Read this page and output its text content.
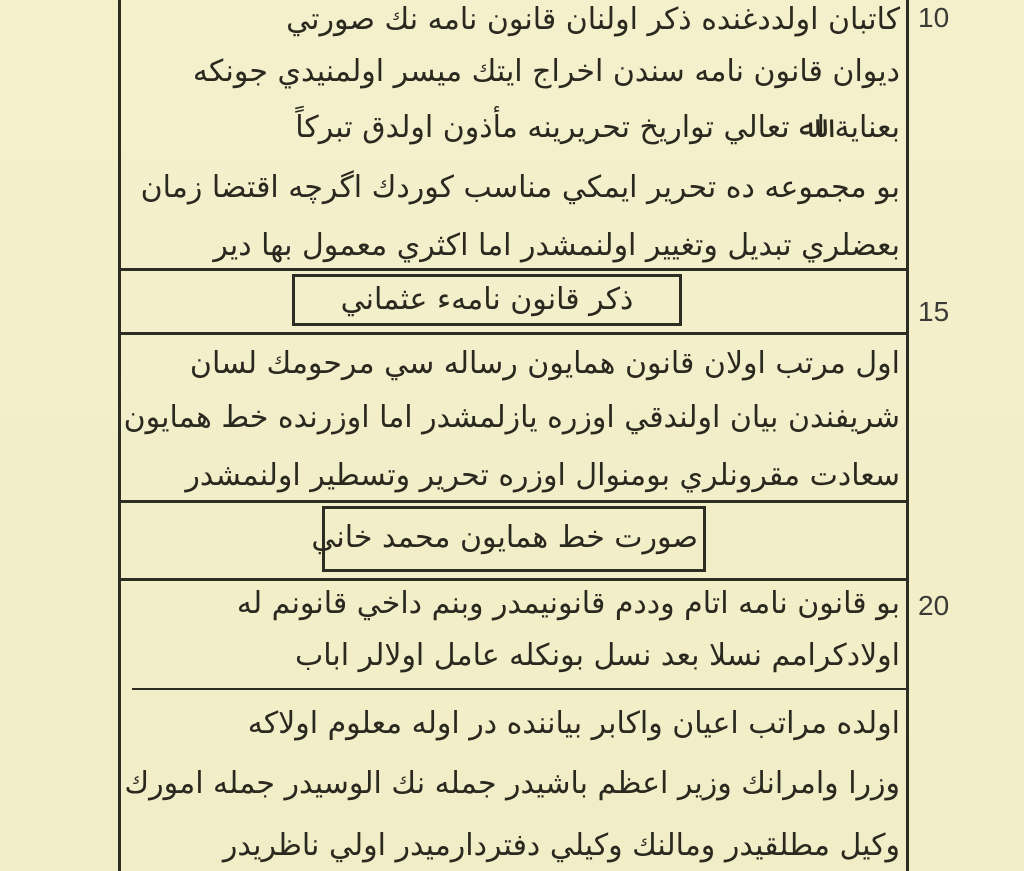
10
15
20
ﻛﺎﺗﺒﺎن اوﻟﺪدﻏﻨﺪه ذﻛﺮ اوﻟﻨﺎن ﻗﺎﻧﻮن ﻧﺎﻣﻪ ﻧﻚ ﺻﻮرﺗﻲ
دﻳﻮان ﻗﺎﻧﻮن ﻧﺎﻣﻪ ﺳﻨﺪن اﺧﺮاج اﻳﺘﻚ ﻣﻴﺴﺮ اوﻟﻤﻨﻴﺪي ﺟﻮﻧﻜﻪ
ﺑﻌﻨﺎﻳﺔ اﷲ ﺗﻌﺎﻟﻲ ﺗﻮارﻳﺦ ﺗﺤﺮﻳﺮﻳﻨﻪ ﻣﺄذون اوﻟﺪق ﺗﺒﺮﻛﺎً
ﺑﻮ ﻣﺠﻤﻮﻋﻪ ده ﺗﺤﺮﻳﺮ اﻳﻤﻜﻲ ﻣﻨﺎﺳﺐ ﻛﻮردك اﮔﺮﭼﻪ اﻗﺘﻀﺎ زﻣﺎن
ﺑﻌﻀﻠﺮي ﺗﺒﺪﻳﻞ وﺗﻐﻴﻴﺮ اوﻟﻨﻤﺸﺪر اﻣﺎ اﻛﺜﺮي ﻣﻌﻤﻮل ﺑﻬﺎ دﻳﺮ
ذﻛﺮ ﻗﺎﻧﻮن ﻧﺎﻣﻪء ﻋﺜﻤﺎﻧﻲ
اول ﻣﺮﺗﺐ اوﻻن ﻗﺎﻧﻮن ﻫﻤﺎﻳﻮن رﺳﺎﻟﻪ ﺳﻲ ﻣﺮﺣﻮﻣﻚ ﻟﺴﺎن
ﺷﺮﻳﻔﻨﺪن ﺑﻴﺎن اوﻟﻨﺪﻗﻲ اوزره ﻳﺎزﻟﻤﺸﺪر اﻣﺎ اوزرﻧﺪه ﺧﻂ ﻫﻤﺎﻳﻮن
ﺳﻌﺎدت ﻣﻘﺮوﻧﻠﺮي ﺑﻮﻣﻨﻮال اوزره ﺗﺤﺮﻳﺮ وﺗﺴﻄﻴﺮ اوﻟﻨﻤﺸﺪر
ﺻﻮرت ﺧﻂ ﻫﻤﺎﻳﻮن ﻣﺤﻤﺪ ﺧﺎﻧﻲ
ﺑﻮ ﻗﺎﻧﻮن ﻧﺎﻣﻪ اﺗﺎم وددم ﻗﺎﻧﻮﻧﻴﻤﺪر وﺑﻨﻢ داﺧﻲ ﻗﺎﻧﻮﻧﻢ ﻟﻪ
اوﻻدﻛﺮاﻣﻢ ﻧﺴﻼ ﺑﻌﺪ ﻧﺴﻞ ﺑﻮﻧﻜﻠﻪ ﻋﺎﻣﻞ اوﻻﻟﺮ اﺑﺎب
اوﻟﺪه ﻣﺮاﺗﺐ اﻋﻴﺎن واﻛﺎﺑﺮ ﺑﻴﺎﻧﻨﺪه در اوﻟﻪ ﻣﻌﻠﻮم اوﻻﻛﻪ
وزرا واﻣﺮاﻧﻚ وزﻳﺮ اﻋﻈﻢ ﺑﺎﺷﻴﺪر ﺟﻤﻠﻪ ﻧﻚ اﻟﻮﺳﻴﺪر ﺟﻤﻠﻪ اﻣﻮرك
وﻛﻴﻞ ﻣﻄﻠﻘﻴﺪر وﻣﺎﻟﻨﻚ وﻛﻴﻠﻲ دﻓﺘﺮدارﻣﻴﺪر اوﻟﻲ ﻧﺎﻇﺮﻳﺪر
